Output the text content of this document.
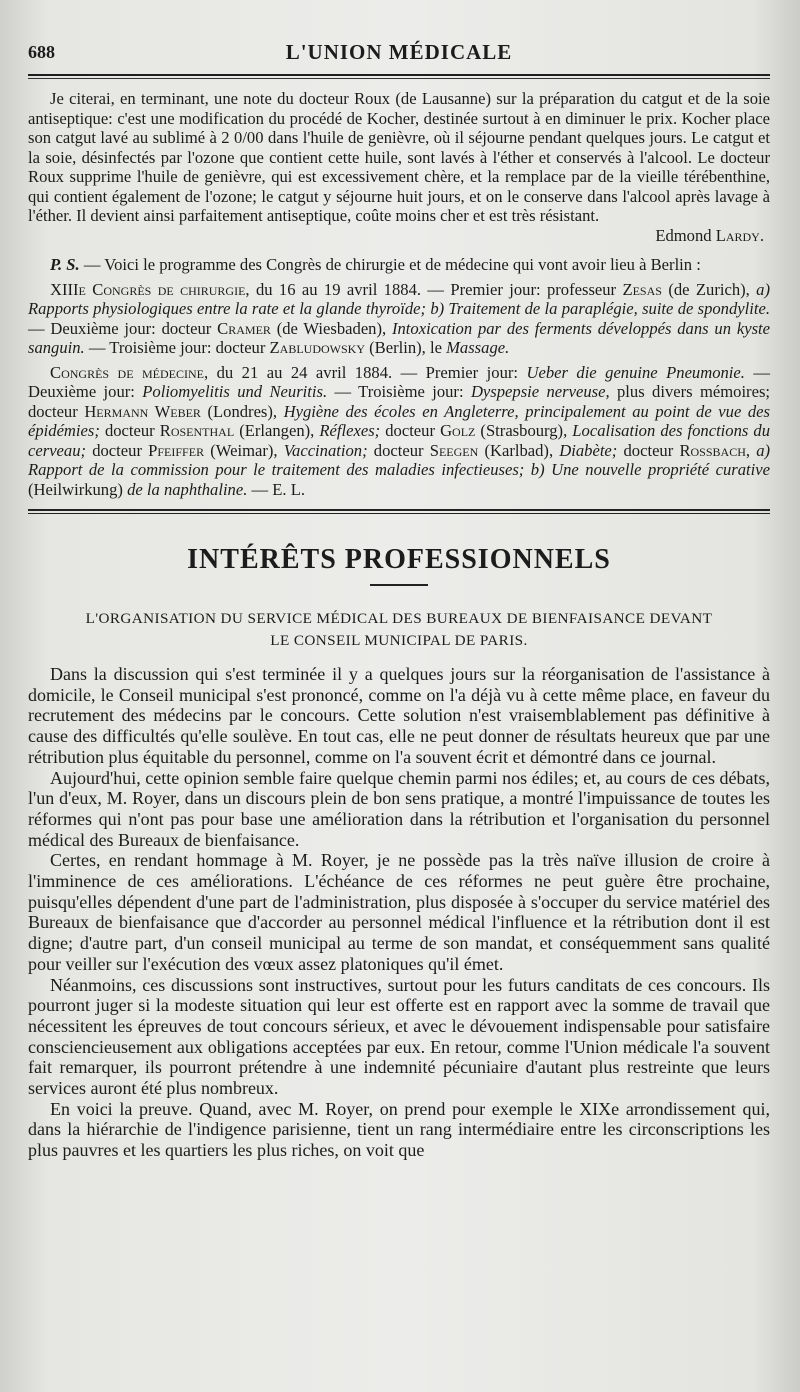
688	L'UNION MÉDICALE

Je citerai, en terminant, une note du docteur Roux (de Lausanne) sur la préparation du catgut et de la soie antiseptique: c'est une modification du procédé de Kocher, destinée surtout à en diminuer le prix. Kocher place son catgut lavé au sublimé à 2 0/00 dans l'huile de genièvre, où il séjourne pendant quelques jours. Le catgut et la soie, désinfectés par l'ozone que contient cette huile, sont lavés à l'éther et conservés à l'alcool. Le docteur Roux supprime l'huile de genièvre, qui est excessivement chère, et la remplace par de la vieille térébenthine, qui contient également de l'ozone; le catgut y séjourne huit jours, et on le conserve dans l'alcool après lavage à l'éther. Il devient ainsi parfaitement antiseptique, coûte moins cher et est très résistant.

Edmond Lardy.

P. S. — Voici le programme des Congrès de chirurgie et de médecine qui vont avoir lieu à Berlin :

XIIIe Congrès de chirurgie, du 16 au 19 avril 1884. — Premier jour: professeur Zesas (de Zurich), a) Rapports physiologiques entre la rate et la glande thyroïde; b) Traitement de la paraplégie, suite de spondylite. — Deuxième jour: docteur Cramer (de Wiesbaden), Intoxication par des ferments développés dans un kyste sanguin. — Troisième jour: docteur Zabludowsky (Berlin), le Massage.

Congrès de médecine, du 21 au 24 avril 1884. — Premier jour: Ueber die genuine Pneumonie. — Deuxième jour: Poliomyelitis und Neuritis. — Troisième jour: Dyspepsie nerveuse, plus divers mémoires; docteur Hermann Weber (Londres), Hygiène des écoles en Angleterre, principalement au point de vue des épidémies; docteur Rosenthal (Erlangen), Réflexes; docteur Golz (Strasbourg), Localisation des fonctions du cerveau; docteur Pfeiffer (Weimar), Vaccination; docteur Seegen (Karlbad), Diabète; docteur Rossbach, a) Rapport de la commission pour le traitement des maladies infectieuses; b) Une nouvelle propriété curative (Heilwirkung) de la naphthaline. — E. L.

INTÉRÊTS PROFESSIONNELS
L'ORGANISATION DU SERVICE MÉDICAL DES BUREAUX DE BIENFAISANCE DEVANT
LE CONSEIL MUNICIPAL DE PARIS.

Dans la discussion qui s'est terminée il y a quelques jours sur la réorganisation de l'assistance à domicile, le Conseil municipal s'est prononcé, comme on l'a déjà vu à cette même place, en faveur du recrutement des médecins par le concours. Cette solution n'est vraisemblablement pas définitive à cause des difficultés qu'elle soulève. En tout cas, elle ne peut donner de résultats heureux que par une rétribution plus équitable du personnel, comme on l'a souvent écrit et démontré dans ce journal.

Aujourd'hui, cette opinion semble faire quelque chemin parmi nos édiles; et, au cours de ces débats, l'un d'eux, M. Royer, dans un discours plein de bon sens pratique, a montré l'impuissance de toutes les réformes qui n'ont pas pour base une amélioration dans la rétribution et l'organisation du personnel médical des Bureaux de bienfaisance.

Certes, en rendant hommage à M. Royer, je ne possède pas la très naïve illusion de croire à l'imminence de ces améliorations. L'échéance de ces réformes ne peut guère être prochaine, puisqu'elles dépendent d'une part de l'administration, plus disposée à s'occuper du service matériel des Bureaux de bienfaisance que d'accorder au personnel médical l'influence et la rétribution dont il est digne; d'autre part, d'un conseil municipal au terme de son mandat, et conséquemment sans qualité pour veiller sur l'exécution des vœux assez platoniques qu'il émet.

Néanmoins, ces discussions sont instructives, surtout pour les futurs canditats de ces concours. Ils pourront juger si la modeste situation qui leur est offerte est en rapport avec la somme de travail que nécessitent les épreuves de tout concours sérieux, et avec le dévouement indispensable pour satisfaire consciencieusement aux obligations acceptées par eux. En retour, comme l'Union médicale l'a souvent fait remarquer, ils pourront prétendre à une indemnité pécuniaire d'autant plus restreinte que leurs services auront été plus nombreux.

En voici la preuve. Quand, avec M. Royer, on prend pour exemple le XIXe arrondissement qui, dans la hiérarchie de l'indigence parisienne, tient un rang intermédiaire entre les circonscriptions les plus pauvres et les quartiers les plus riches, on voit que
